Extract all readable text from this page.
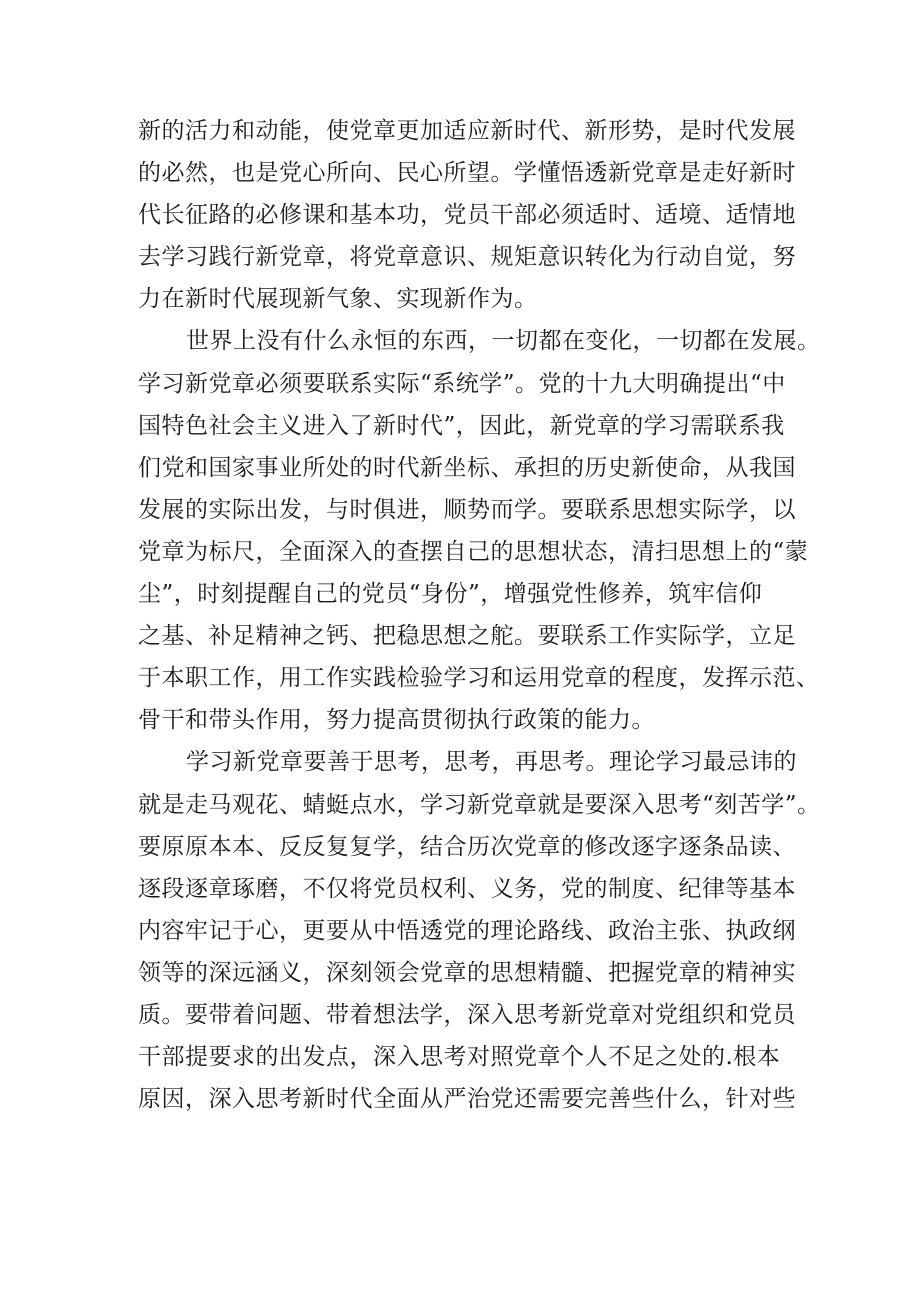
新的活力和动能，使党章更加适应新时代、新形势，是时代发展
的必然，也是党心所向、民心所望。学懂悟透新党章是走好新时
代长征路的必修课和基本功，党员干部必须适时、适境、适情地
去学习践行新党章，将党章意识、规矩意识转化为行动自觉，努
力在新时代展现新气象、实现新作为。
世界上没有什么永恒的东西，一切都在变化，一切都在发展。
学习新党章必须要联系实际“系统学”。党的十九大明确提出“中
国特色社会主义进入了新时代”，因此，新党章的学习需联系我
们党和国家事业所处的时代新坐标、承担的历史新使命，从我国
发展的实际出发，与时俱进，顺势而学。要联系思想实际学，以
党章为标尺，全面深入的查摆自己的思想状态，清扫思想上的“蒙
尘”，时刻提醒自己的党员“身份”，增强党性修养，筑牢信仰
之基、补足精神之钙、把稳思想之舵。要联系工作实际学，立足
于本职工作，用工作实践检验学习和运用党章的程度，发挥示范、
骨干和带头作用，努力提高贯彻执行政策的能力。
学习新党章要善于思考，思考，再思考。理论学习最忌讳的
就是走马观花、蜻蜓点水，学习新党章就是要深入思考“刻苦学”。
要原原本本、反反复复学，结合历次党章的修改逐字逐条品读、
逐段逐章琢磨，不仅将党员权利、义务，党的制度、纪律等基本
内容牢记于心，更要从中悟透党的理论路线、政治主张、执政纲
领等的深远涵义，深刻领会党章的思想精髓、把握党章的精神实
质。要带着问题、带着想法学，深入思考新党章对党组织和党员
干部提要求的出发点，深入思考对照党章个人不足之处的.根本
原因，深入思考新时代全面从严治党还需要完善些什么，针对些
